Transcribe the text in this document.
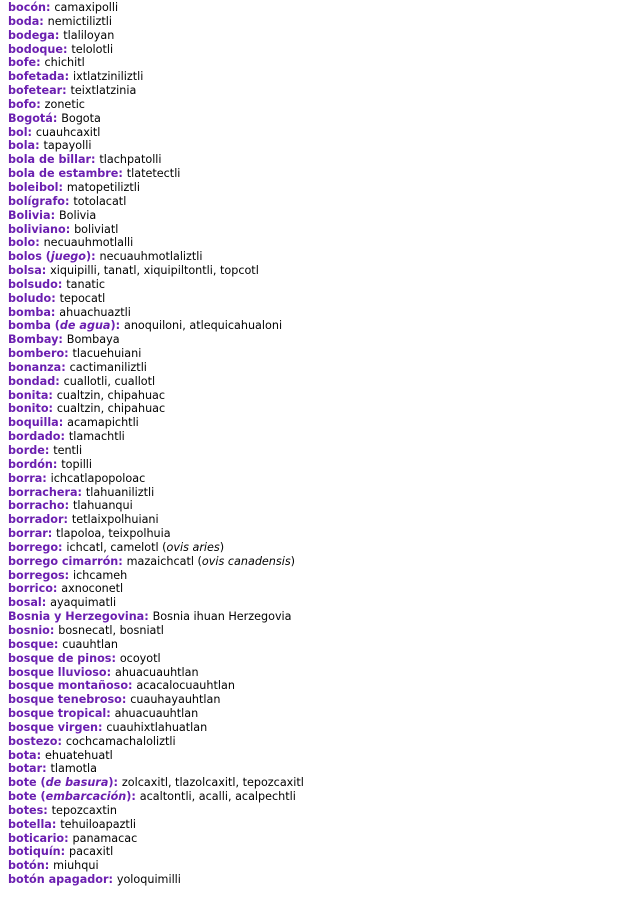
bocón: camaxipolli
boda: nemictiliztli
bodega: tlaliloyan
bodoque: telolotli
bofe: chichitl
bofetada: ixtlatziniliztli
bofetear: teixtlatzinia
bofo: zonetic
Bogotá: Bogota
bol: cuauhcaxitl
bola: tapayolli
bola de billar: tlachpatolli
bola de estambre: tlatetectli
boleibol: matopetiliztli
bolígrafo: totolacatl
Bolivia: Bolivia
boliviano: boliviatl
bolo: necuauhmotlalli
bolos (juego): necuauhmotlaliztli
bolsa: xiquipilli, tanatl, xiquipiltontli, topcotl
bolsudo: tanatic
boludo: tepocatl
bomba: ahuachuaztli
bomba (de agua): anoquiloni, atlequicahualoni
Bombay: Bombaya
bombero: tlacuehuiani
bonanza: cactimaniliztli
bondad: cuallotli, cuallotl
bonita: cualtzin, chipahuac
bonito: cualtzin, chipahuac
boquilla: acamapichtli
bordado: tlamachtli
borde: tentli
bordón: topilli
borra: ichcatlapopoloac
borrachera: tlahuaniliztli
borracho: tlahuanqui
borrador: tetlaixpolhuiani
borrar: tlapoloa, teixpolhuia
borrego: ichcatl, camelotl (ovis aries)
borrego cimarrón: mazaichcatl (ovis canadensis)
borregos: ichcameh
borrico: axnoconetl
bosal: ayaquimatli
Bosnia y Herzegovina: Bosnia ihuan Herzegovia
bosnio: bosnecatl, bosniatl
bosque: cuauhtlan
bosque de pinos: ocoyotl
bosque lluvioso: ahuacuauhtlan
bosque montañoso: acacalocuauhtlan
bosque tenebroso: cuauhayauhtlan
bosque tropical: ahuacuauhtlan
bosque virgen: cuauhixtlahuatlan
bostezo: cochcamachaloliztli
bota: ehuatehuatl
botar: tlamotla
bote (de basura): zolcaxitl, tlazolcaxitl, tepozcaxitl
bote (embarcación): acaltontli, acalli, acalpechtli
botes: tepozcaxtin
botella: tehuiloapaztli
boticario: panamacac
botiquín: pacaxitl
botón: miuhqui
botón apagador: yoloquimilli
